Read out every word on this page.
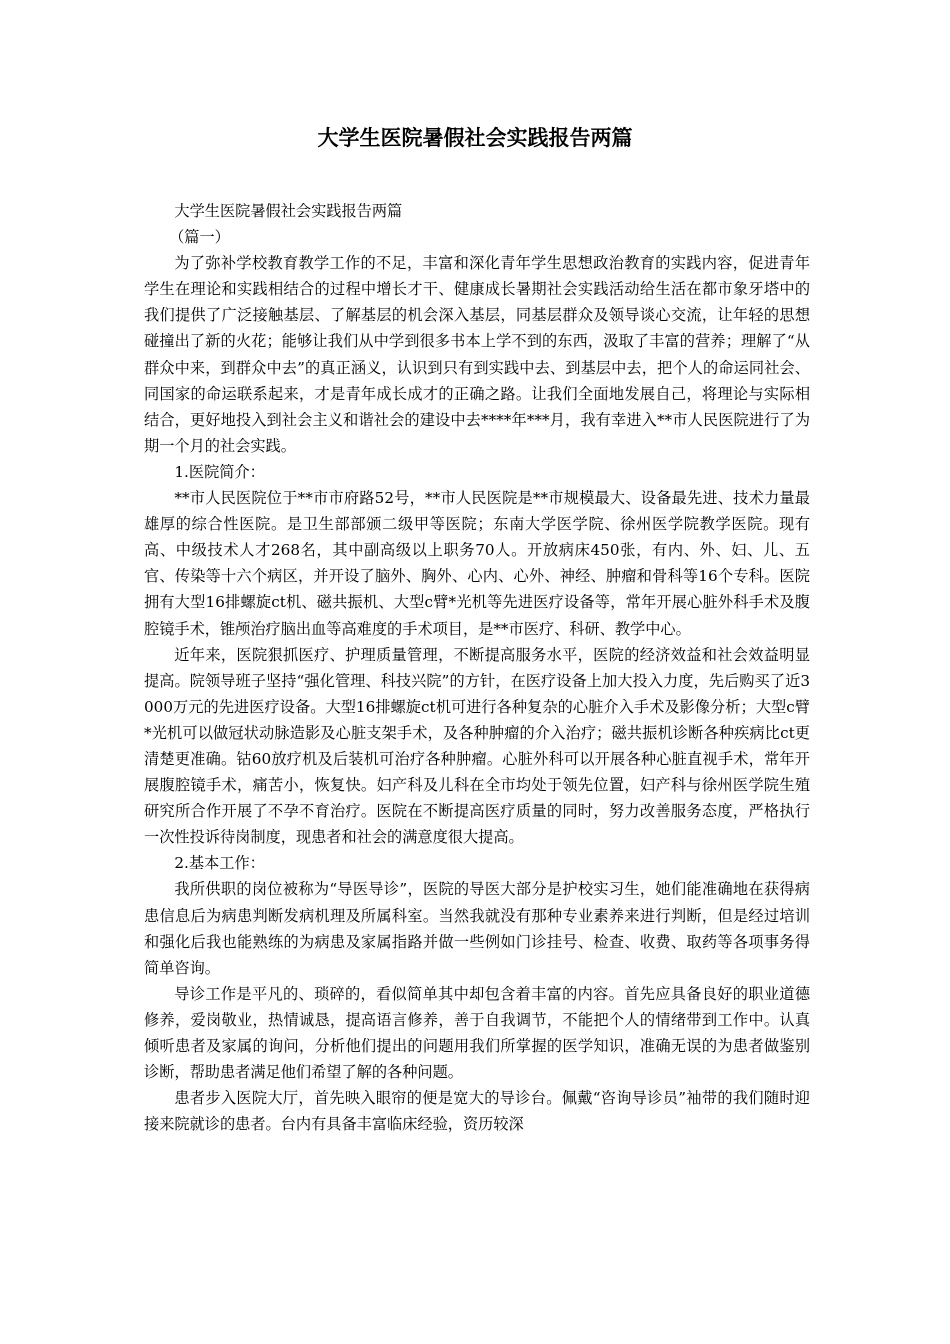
大学生医院暑假社会实践报告两篇

大学生医院暑假社会实践报告两篇

（篇一）

为了弥补学校教育教学工作的不足，丰富和深化青年学生思想政治教育的实践内容，促进青年学生在理论和实践相结合的过程中增长才干、健康成长暑期社会实践活动给生活在都市象牙塔中的我们提供了广泛接触基层、了解基层的机会深入基层，同基层群众及领导谈心交流，让年轻的思想碰撞出了新的火花；能够让我们从中学到很多书本上学不到的东西，汲取了丰富的营养；理解了“从群众中来，到群众中去”的真正涵义，认识到只有到实践中去、到基层中去，把个人的命运同社会、同国家的命运联系起来，才是青年成长成才的正确之路。让我们全面地发展自己，将理论与实际相结合，更好地投入到社会主义和谐社会的建设中去****年***月，我有幸进入**市人民医院进行了为期一个月的社会实践。

1.医院简介：

**市人民医院位于**市市府路52号，**市人民医院是**市规模最大、设备最先进、技术力量最雄厚的综合性医院。是卫生部部颁二级甲等医院；东南大学医学院、徐州医学院教学医院。现有高、中级技术人才268名，其中副高级以上职务70人。开放病床450张，有内、外、妇、儿、五官、传染等十六个病区，并开设了脑外、胸外、心内、心外、神经、肿瘤和骨科等16个专科。医院拥有大型16排螺旋ct机、磁共振机、大型c臂*光机等先进医疗设备等，常年开展心脏外科手术及腹腔镜手术，锥颅治疗脑出血等高难度的手术项目，是**市医疗、科研、教学中心。

近年来，医院狠抓医疗、护理质量管理，不断提高服务水平，医院的经济效益和社会效益明显提高。院领导班子坚持“强化管理、科技兴院”的方针，在医疗设备上加大投入力度，先后购买了近3000万元的先进医疗设备。大型16排螺旋ct机可进行各种复杂的心脏介入手术及影像分析；大型c臂*光机可以做冠状动脉造影及心脏支架手术，及各种肿瘤的介入治疗；磁共振机诊断各种疾病比ct更清楚更准确。钴60放疗机及后装机可治疗各种肿瘤。心脏外科可以开展各种心脏直视手术，常年开展腹腔镜手术，痛苦小，恢复快。妇产科及儿科在全市均处于领先位置，妇产科与徐州医学院生殖研究所合作开展了不孕不育治疗。医院在不断提高医疗质量的同时，努力改善服务态度，严格执行一次性投诉待岗制度，现患者和社会的满意度很大提高。

2.基本工作：

我所供职的岗位被称为“导医导诊”，医院的导医大部分是护校实习生，她们能准确地在获得病患信息后为病患判断发病机理及所属科室。当然我就没有那种专业素养来进行判断，但是经过培训和强化后我也能熟练的为病患及家属指路并做一些例如门诊挂号、检查、收费、取药等各项事务得简单咨询。

导诊工作是平凡的、琐碎的，看似简单其中却包含着丰富的内容。首先应具备良好的职业道德修养，爱岗敬业，热情诚恳，提高语言修养，善于自我调节，不能把个人的情绪带到工作中。认真倾听患者及家属的询问，分析他们提出的问题用我们所掌握的医学知识，准确无误的为患者做鉴别诊断，帮助患者满足他们希望了解的各种问题。

患者步入医院大厅，首先映入眼帘的便是宽大的导诊台。佩戴“咨询导诊员”袖带的我们随时迎接来院就诊的患者。台内有具备丰富临床经验，资历较深
